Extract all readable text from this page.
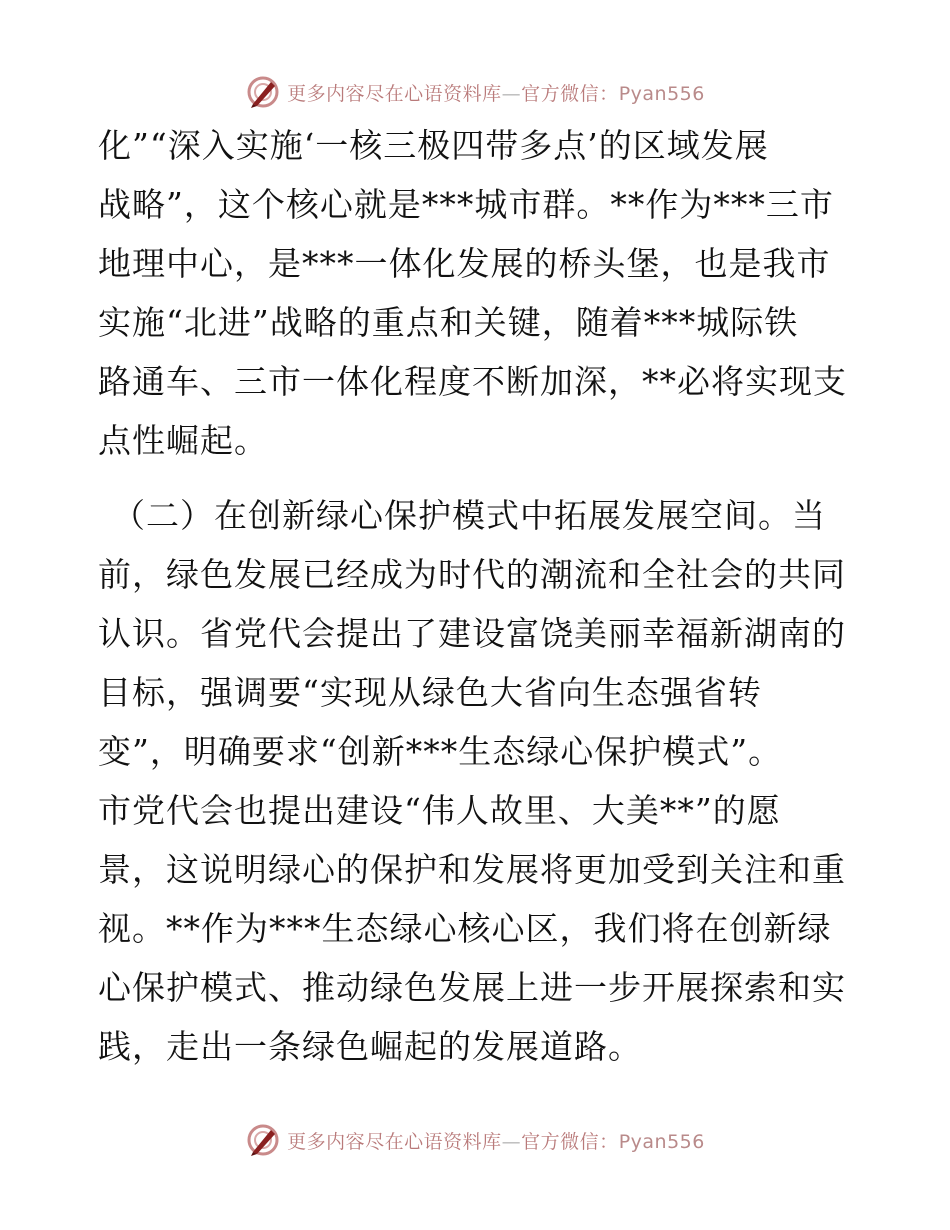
更多内容尽在心语资料库—官方微信：Pyan556
化”“深入实施‘一核三极四带多点’的区域发展
战略”，这个核心就是***城市群。**作为***三市
地理中心，是***一体化发展的桥头堡，也是我市
实施“北进”战略的重点和关键，随着***城际铁
路通车、三市一体化程度不断加深，**必将实现支
点性崛起。
（二）在创新绿心保护模式中拓展发展空间。当
前，绿色发展已经成为时代的潮流和全社会的共同
认识。省党代会提出了建设富饶美丽幸福新湖南的
目标，强调要“实现从绿色大省向生态强省转
变”，明确要求“创新***生态绿心保护模式”。
市党代会也提出建设“伟人故里、大美**”的愿
景，这说明绿心的保护和发展将更加受到关注和重
视。**作为***生态绿心核心区，我们将在创新绿
心保护模式、推动绿色发展上进一步开展探索和实
践，走出一条绿色崛起的发展道路。
更多内容尽在心语资料库—官方微信：Pyan556
